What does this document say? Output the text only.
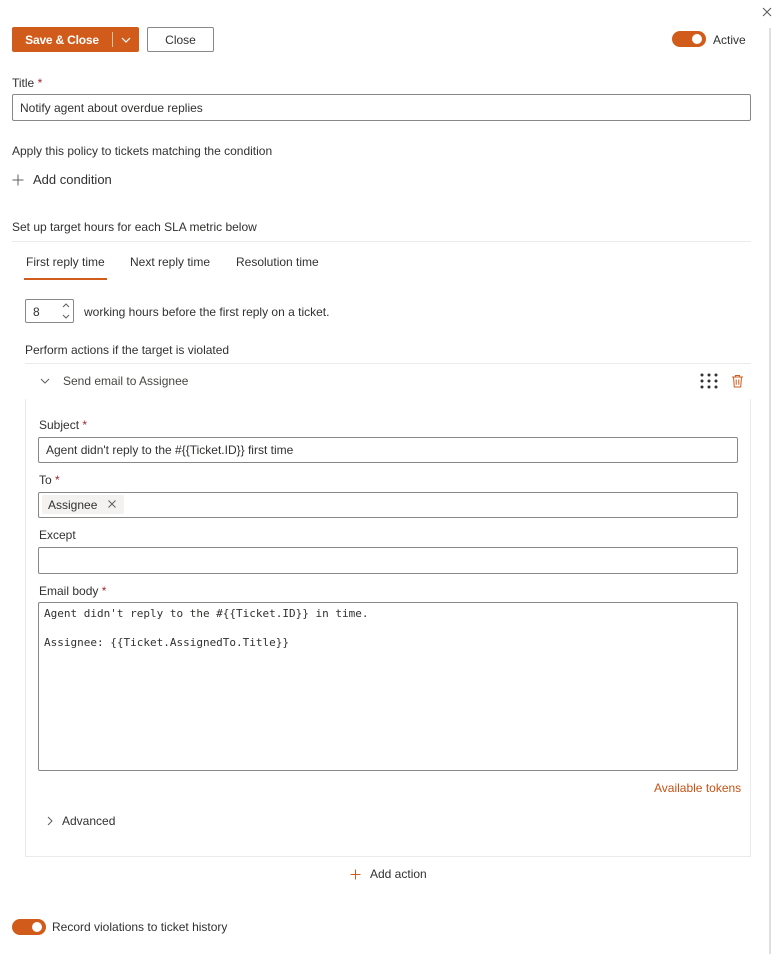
Save & Close	Close	Active
Title *
Notify agent about overdue replies
Apply this policy to tickets matching the condition
Add condition
Set up target hours for each SLA metric below
First reply time Next reply time Resolution time
8	working hours before the first reply on a ticket.
Perform actions if the target is violated
Send email to Assignee
Subject *
Agent didn't reply to the #{{Ticket.ID}} first time
To *
Assignee
Except
Email body *
Agent didn't reply to the #{{Ticket.ID}} in time.

Assignee: {{Ticket.AssignedTo.Title}}
Available tokens
Advanced
Add action
Record violations to ticket history
